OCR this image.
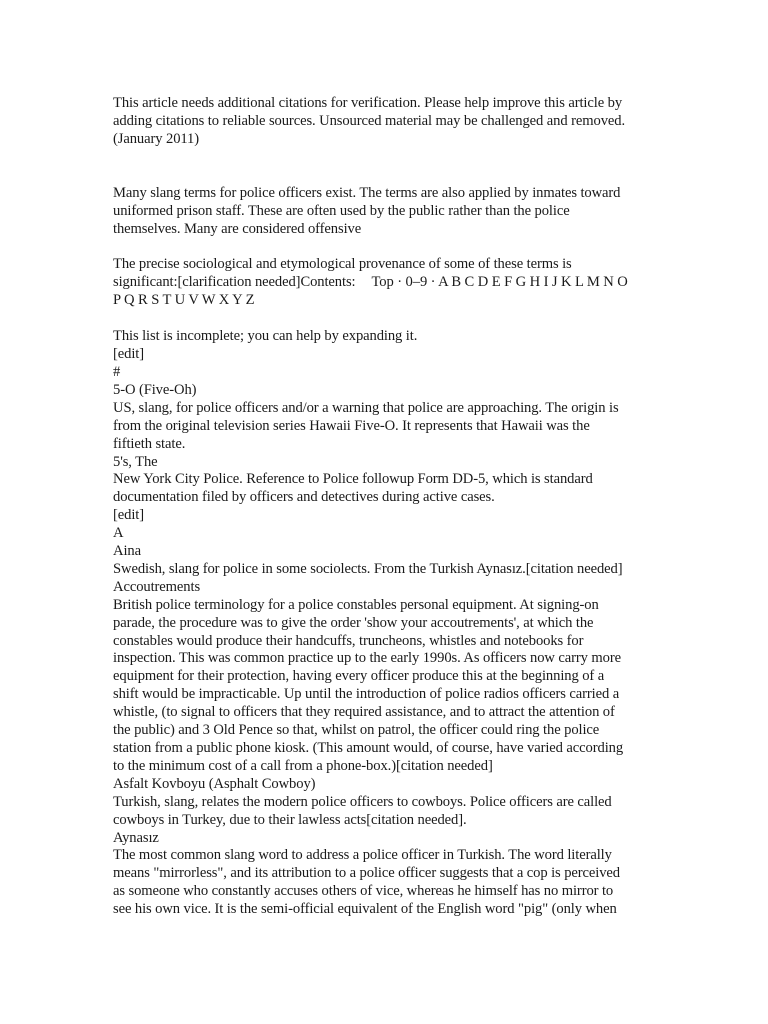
This article needs additional citations for verification. Please help improve this article by
adding citations to reliable sources. Unsourced material may be challenged and removed.
(January 2011)
Many slang terms for police officers exist. The terms are also applied by inmates toward
uniformed prison staff. These are often used by the public rather than the police
themselves. Many are considered offensive
The precise sociological and etymological provenance of some of these terms is
significant:[clarification needed]Contents: Top · 0–9 · A B C D E F G H I J K L M N O
P Q R S T U V W X Y Z
This list is incomplete; you can help by expanding it.
[edit]
#
5-O (Five-Oh)
US, slang, for police officers and/or a warning that police are approaching. The origin is
from the original television series Hawaii Five-O. It represents that Hawaii was the
fiftieth state.
5's, The
New York City Police. Reference to Police followup Form DD-5, which is standard
documentation filed by officers and detectives during active cases.
[edit]
A
Aina
Swedish, slang for police in some sociolects. From the Turkish Aynasız.[citation needed]
Accoutrements
British police terminology for a police constables personal equipment. At signing-on
parade, the procedure was to give the order 'show your accoutrements', at which the
constables would produce their handcuffs, truncheons, whistles and notebooks for
inspection. This was common practice up to the early 1990s. As officers now carry more
equipment for their protection, having every officer produce this at the beginning of a
shift would be impracticable. Up until the introduction of police radios officers carried a
whistle, (to signal to officers that they required assistance, and to attract the attention of
the public) and 3 Old Pence so that, whilst on patrol, the officer could ring the police
station from a public phone kiosk. (This amount would, of course, have varied according
to the minimum cost of a call from a phone-box.)[citation needed]
Asfalt Kovboyu (Asphalt Cowboy)
Turkish, slang, relates the modern police officers to cowboys. Police officers are called
cowboys in Turkey, due to their lawless acts[citation needed].
Aynasız
The most common slang word to address a police officer in Turkish. The word literally
means "mirrorless", and its attribution to a police officer suggests that a cop is perceived
as someone who constantly accuses others of vice, whereas he himself has no mirror to
see his own vice. It is the semi-official equivalent of the English word "pig" (only when
